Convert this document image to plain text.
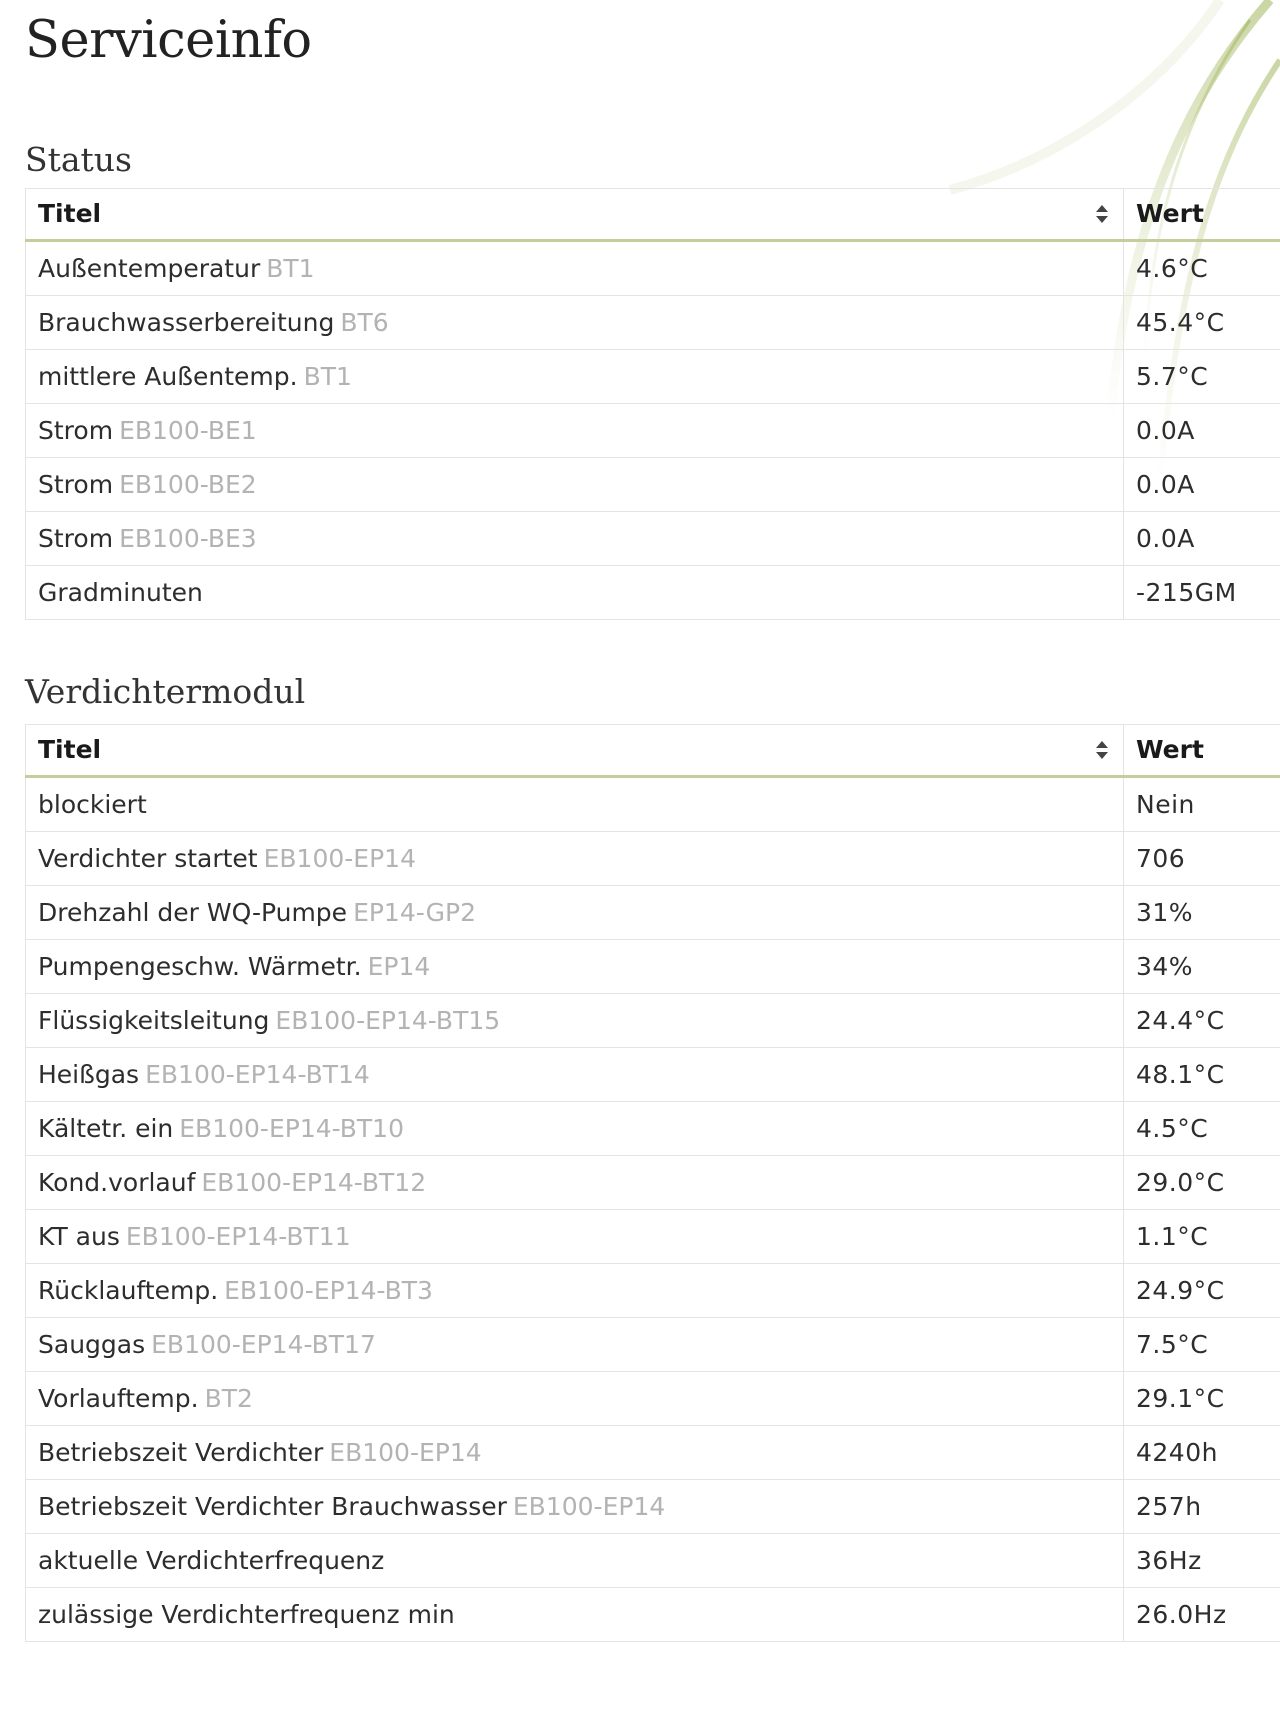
Serviceinfo
Status
Titel	Wert
Außentemperatur BT1	4.6°C
Brauchwasserbereitung BT6	45.4°C
mittlere Außentemp. BT1	5.7°C
Strom EB100-BE1	0.0A
Strom EB100-BE2	0.0A
Strom EB100-BE3	0.0A
Gradminuten	-215GM
Verdichtermodul
Titel	Wert
blockiert	Nein
Verdichter startet EB100-EP14	706
Drehzahl der WQ-Pumpe EP14-GP2	31%
Pumpengeschw. Wärmetr. EP14	34%
Flüssigkeitsleitung EB100-EP14-BT15	24.4°C
Heißgas EB100-EP14-BT14	48.1°C
Kältetr. ein EB100-EP14-BT10	4.5°C
Kond.vorlauf EB100-EP14-BT12	29.0°C
KT aus EB100-EP14-BT11	1.1°C
Rücklauftemp. EB100-EP14-BT3	24.9°C
Sauggas EB100-EP14-BT17	7.5°C
Vorlauftemp. BT2	29.1°C
Betriebszeit Verdichter EB100-EP14	4240h
Betriebszeit Verdichter Brauchwasser EB100-EP14	257h
aktuelle Verdichterfrequenz	36Hz
zulässige Verdichterfrequenz min	26.0Hz
